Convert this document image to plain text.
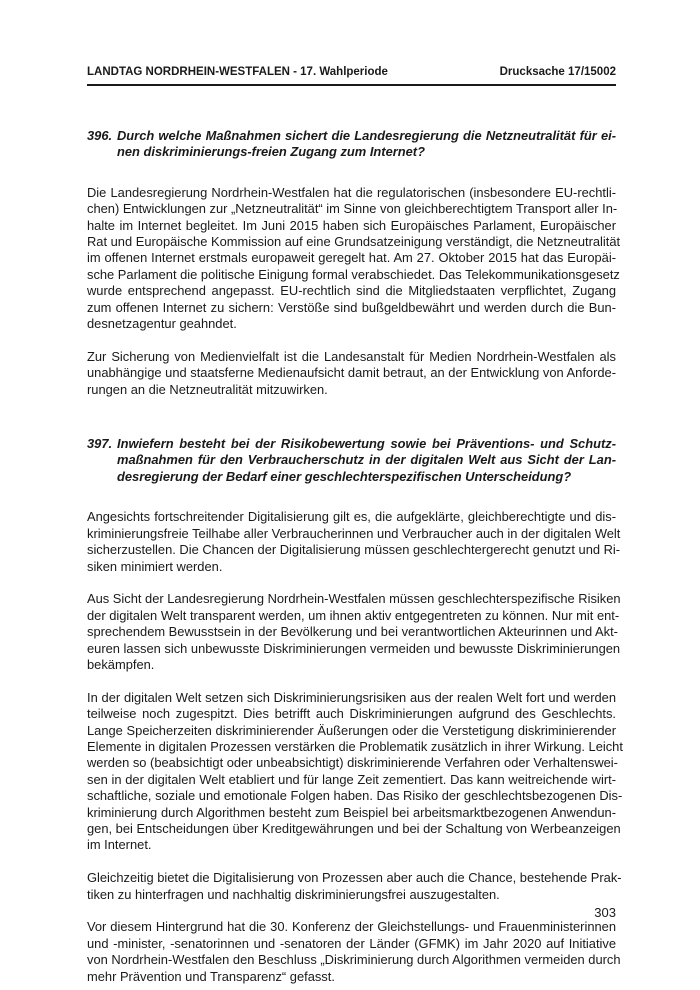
LANDTAG NORDRHEIN-WESTFALEN - 17. Wahlperiode	Drucksache 17/15002
396. Durch welche Maßnahmen sichert die Landesregierung die Netzneutralität für ei-
nen diskriminierungs-freien Zugang zum Internet?
Die Landesregierung Nordrhein-Westfalen hat die regulatorischen (insbesondere EU-rechtli-
chen) Entwicklungen zur „Netzneutralität“ im Sinne von gleichberechtigtem Transport aller In-
halte im Internet begleitet. Im Juni 2015 haben sich Europäisches Parlament, Europäischer
Rat und Europäische Kommission auf eine Grundsatzeinigung verständigt, die Netzneutralität
im offenen Internet erstmals europaweit geregelt hat. Am 27. Oktober 2015 hat das Europäi-
sche Parlament die politische Einigung formal verabschiedet. Das Telekommunikationsgesetz
wurde entsprechend angepasst. EU-rechtlich sind die Mitgliedstaaten verpflichtet, Zugang
zum offenen Internet zu sichern: Verstöße sind bußgeldbewährt und werden durch die Bun-
desnetzagentur geahndet.
Zur Sicherung von Medienvielfalt ist die Landesanstalt für Medien Nordrhein-Westfalen als
unabhängige und staatsferne Medienaufsicht damit betraut, an der Entwicklung von Anforde-
rungen an die Netzneutralität mitzuwirken.
397. Inwiefern besteht bei der Risikobewertung sowie bei Präventions- und Schutz-
maßnahmen für den Verbraucherschutz in der digitalen Welt aus Sicht der Lan-
desregierung der Bedarf einer geschlechterspezifischen Unterscheidung?
Angesichts fortschreitender Digitalisierung gilt es, die aufgeklärte, gleichberechtigte und dis-
kriminierungsfreie Teilhabe aller Verbraucherinnen und Verbraucher auch in der digitalen Welt
sicherzustellen. Die Chancen der Digitalisierung müssen geschlechtergerecht genutzt und Ri-
siken minimiert werden.
Aus Sicht der Landesregierung Nordrhein-Westfalen müssen geschlechterspezifische Risiken
der digitalen Welt transparent werden, um ihnen aktiv entgegentreten zu können. Nur mit ent-
sprechendem Bewusstsein in der Bevölkerung und bei verantwortlichen Akteurinnen und Akt-
euren lassen sich unbewusste Diskriminierungen vermeiden und bewusste Diskriminierungen
bekämpfen.
In der digitalen Welt setzen sich Diskriminierungsrisiken aus der realen Welt fort und werden
teilweise noch zugespitzt. Dies betrifft auch Diskriminierungen aufgrund des Geschlechts.
Lange Speicherzeiten diskriminierender Äußerungen oder die Verstetigung diskriminierender
Elemente in digitalen Prozessen verstärken die Problematik zusätzlich in ihrer Wirkung. Leicht
werden so (beabsichtigt oder unbeabsichtigt) diskriminierende Verfahren oder Verhaltenswei-
sen in der digitalen Welt etabliert und für lange Zeit zementiert. Das kann weitreichende wirt-
schaftliche, soziale und emotionale Folgen haben. Das Risiko der geschlechtsbezogenen Dis-
kriminierung durch Algorithmen besteht zum Beispiel bei arbeitsmarktbezogenen Anwendun-
gen, bei Entscheidungen über Kreditgewährungen und bei der Schaltung von Werbeanzeigen
im Internet.
Gleichzeitig bietet die Digitalisierung von Prozessen aber auch die Chance, bestehende Prak-
tiken zu hinterfragen und nachhaltig diskriminierungsfrei auszugestalten.
Vor diesem Hintergrund hat die 30. Konferenz der Gleichstellungs- und Frauenministerinnen
und -minister, -senatorinnen und -senatoren der Länder (GFMK) im Jahr 2020 auf Initiative
von Nordrhein-Westfalen den Beschluss „Diskriminierung durch Algorithmen vermeiden durch
mehr Prävention und Transparenz“ gefasst.
303
